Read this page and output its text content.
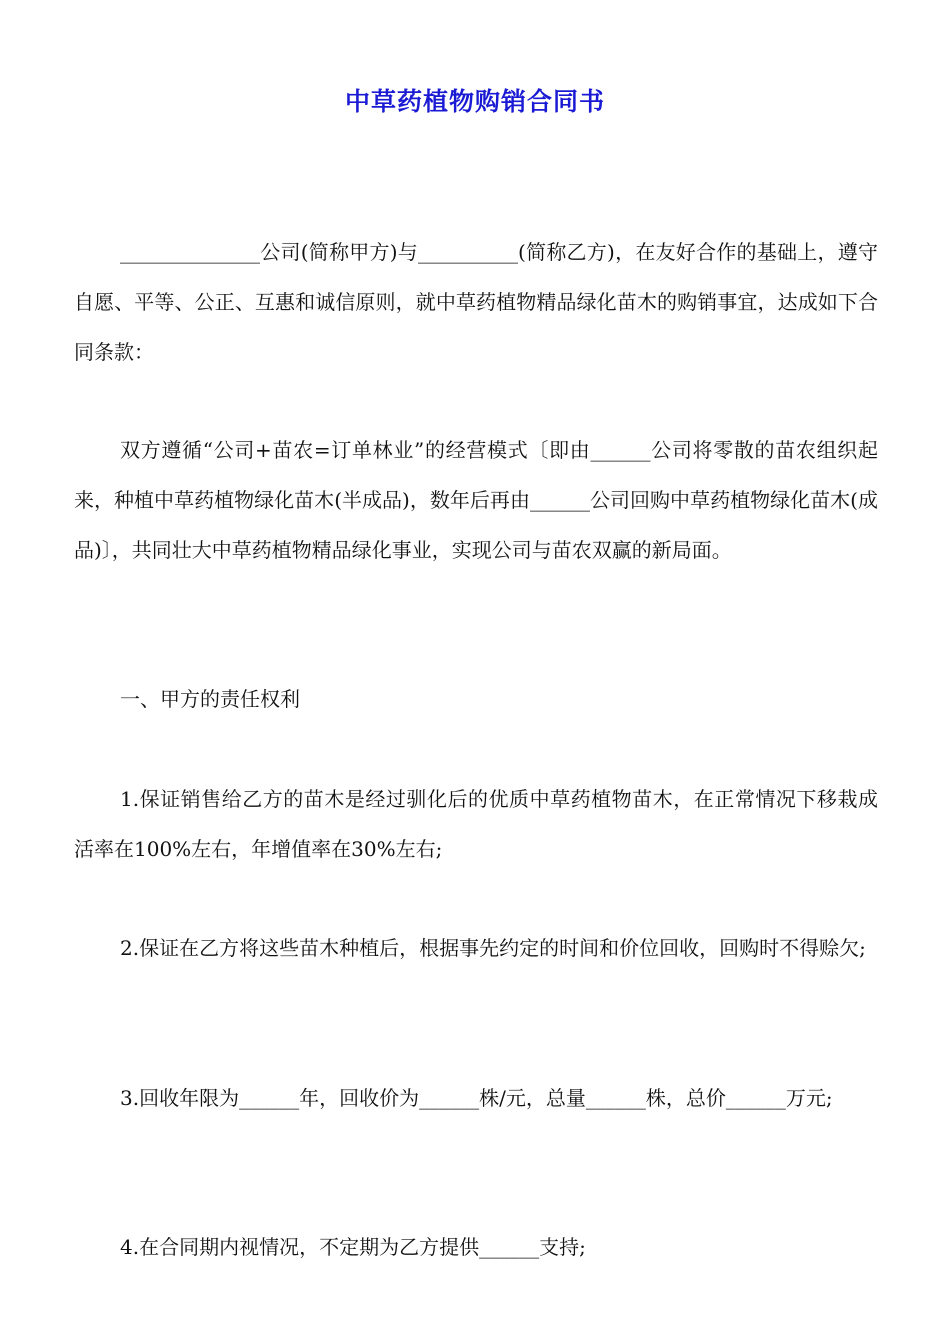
中草药植物购销合同书

______________公司(简称甲方)与__________(简称乙方)，在友好合作的基础上，遵守自愿、平等、公正、互惠和诚信原则，就中草药植物精品绿化苗木的购销事宜，达成如下合同条款：

双方遵循“公司+苗农=订单林业”的经营模式〔即由______公司将零散的苗农组织起来，种植中草药植物绿化苗木(半成品)，数年后再由______公司回购中草药植物绿化苗木(成品)〕，共同壮大中草药植物精品绿化事业，实现公司与苗农双赢的新局面。

一、甲方的责任权利

1.保证销售给乙方的苗木是经过驯化后的优质中草药植物苗木，在正常情况下移栽成活率在100%左右，年增值率在30%左右;

2.保证在乙方将这些苗木种植后，根据事先约定的时间和价位回收，回购时不得赊欠;

3.回收年限为______年，回收价为______株/元，总量______株，总价______万元;

4.在合同期内视情况，不定期为乙方提供______支持;
